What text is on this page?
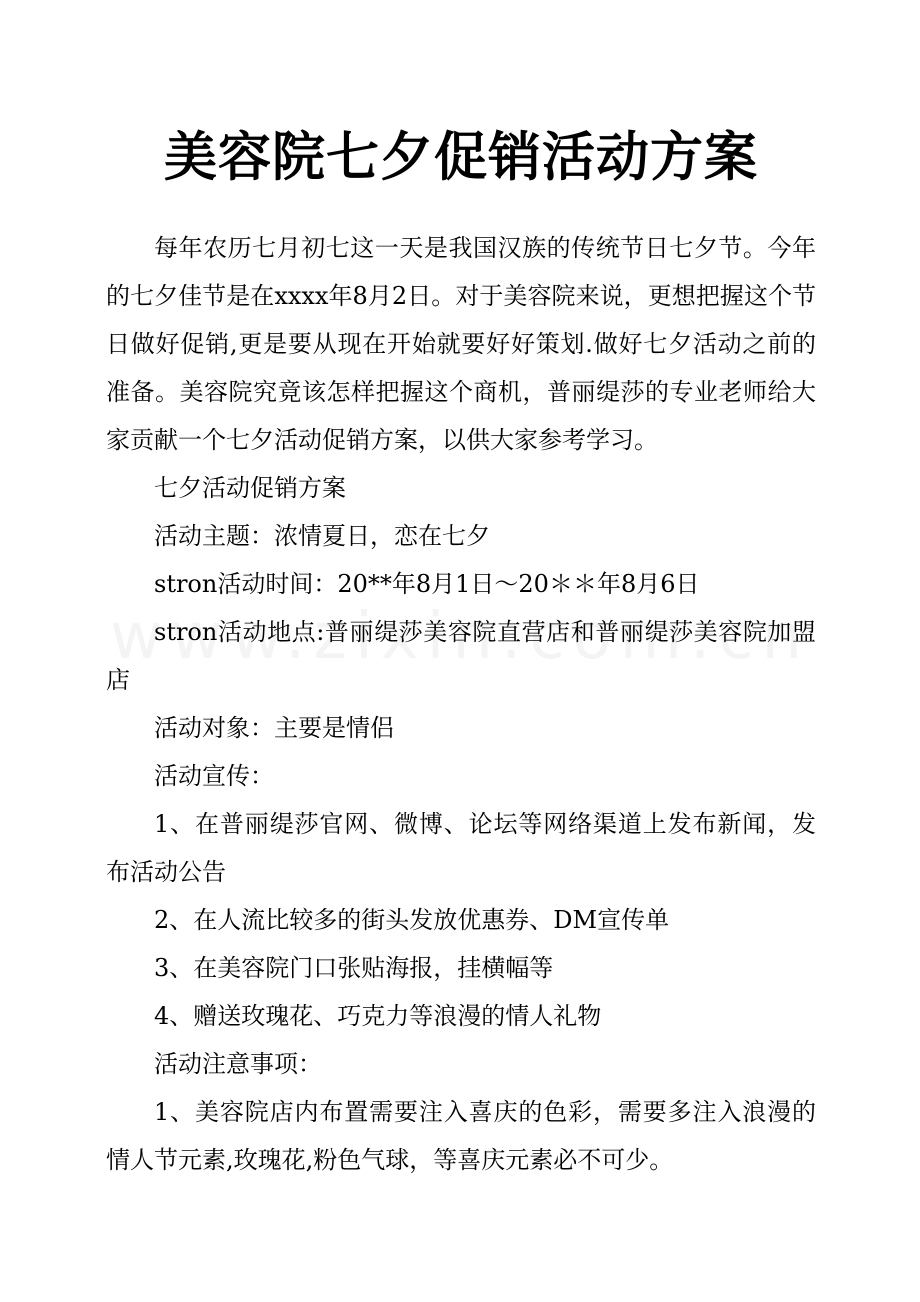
美容院七夕促销活动方案

每年农历七月初七这一天是我国汉族的传统节日七夕节。今年的七夕佳节是在xxxx年8月2日。对于美容院来说，更想把握这个节日做好促销,更是要从现在开始就要好好策划.做好七夕活动之前的准备。美容院究竟该怎样把握这个商机，普丽缇莎的专业老师给大家贡献一个七夕活动促销方案，以供大家参考学习。

七夕活动促销方案

活动主题：浓情夏日，恋在七夕

stron活动时间：20**年8月1日～20＊＊年8月6日

stron活动地点:普丽缇莎美容院直营店和普丽缇莎美容院加盟店

活动对象：主要是情侣

活动宣传：

1、在普丽缇莎官网、微博、论坛等网络渠道上发布新闻，发布活动公告

2、在人流比较多的街头发放优惠券、DM宣传单

3、在美容院门口张贴海报，挂横幅等

4、赠送玫瑰花、巧克力等浪漫的情人礼物

活动注意事项：

1、美容院店内布置需要注入喜庆的色彩，需要多注入浪漫的情人节元素,玫瑰花,粉色气球，等喜庆元素必不可少。
